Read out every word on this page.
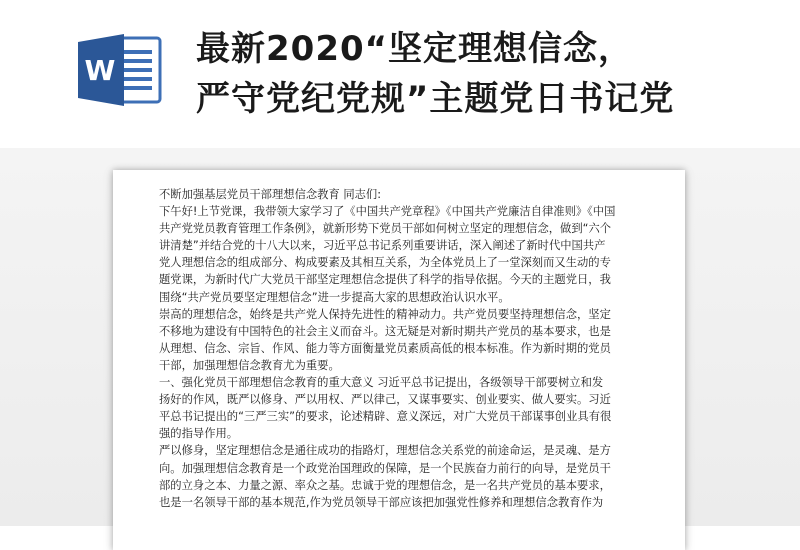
W
最新2020“坚定理想信念，
严守党纪党规”主题党日书记党
不断加强基层党员干部理想信念教育 同志们:
下午好!上节党课，我带领大家学习了《中国共产党章程》《中国共产党廉洁自律准则》《中国
共产党党员教育管理工作条例》，就新形势下党员干部如何树立坚定的理想信念，做到“六个
讲清楚”并结合党的十八大以来，习近平总书记系列重要讲话，深入阐述了新时代中国共产
党人理想信念的组成部分、构成要素及其相互关系，为全体党员上了一堂深刻而又生动的专
题党课，为新时代广大党员干部坚定理想信念提供了科学的指导依据。今天的主题党日，我
围绕“共产党员要坚定理想信念”进一步提高大家的思想政治认识水平。
崇高的理想信念，始终是共产党人保持先进性的精神动力。共产党员要坚持理想信念，坚定
不移地为建设有中国特色的社会主义而奋斗。这无疑是对新时期共产党员的基本要求，也是
从理想、信念、宗旨、作风、能力等方面衡量党员素质高低的根本标准。作为新时期的党员
干部，加强理想信念教育尤为重要。
一、强化党员干部理想信念教育的重大意义 习近平总书记提出，各级领导干部要树立和发
扬好的作风，既严以修身、严以用权、严以律己，又谋事要实、创业要实、做人要实。习近
平总书记提出的“三严三实”的要求，论述精辟、意义深远，对广大党员干部谋事创业具有很
强的指导作用。
严以修身，坚定理想信念是通往成功的指路灯，理想信念关系党的前途命运，是灵魂、是方
向。加强理想信念教育是一个政党治国理政的保障，是一个民族奋力前行的向导，是党员干
部的立身之本、力量之源、率众之基。忠诚于党的理想信念，是一名共产党员的基本要求，
也是一名领导干部的基本规范,作为党员领导干部应该把加强党性修养和理想信念教育作为
